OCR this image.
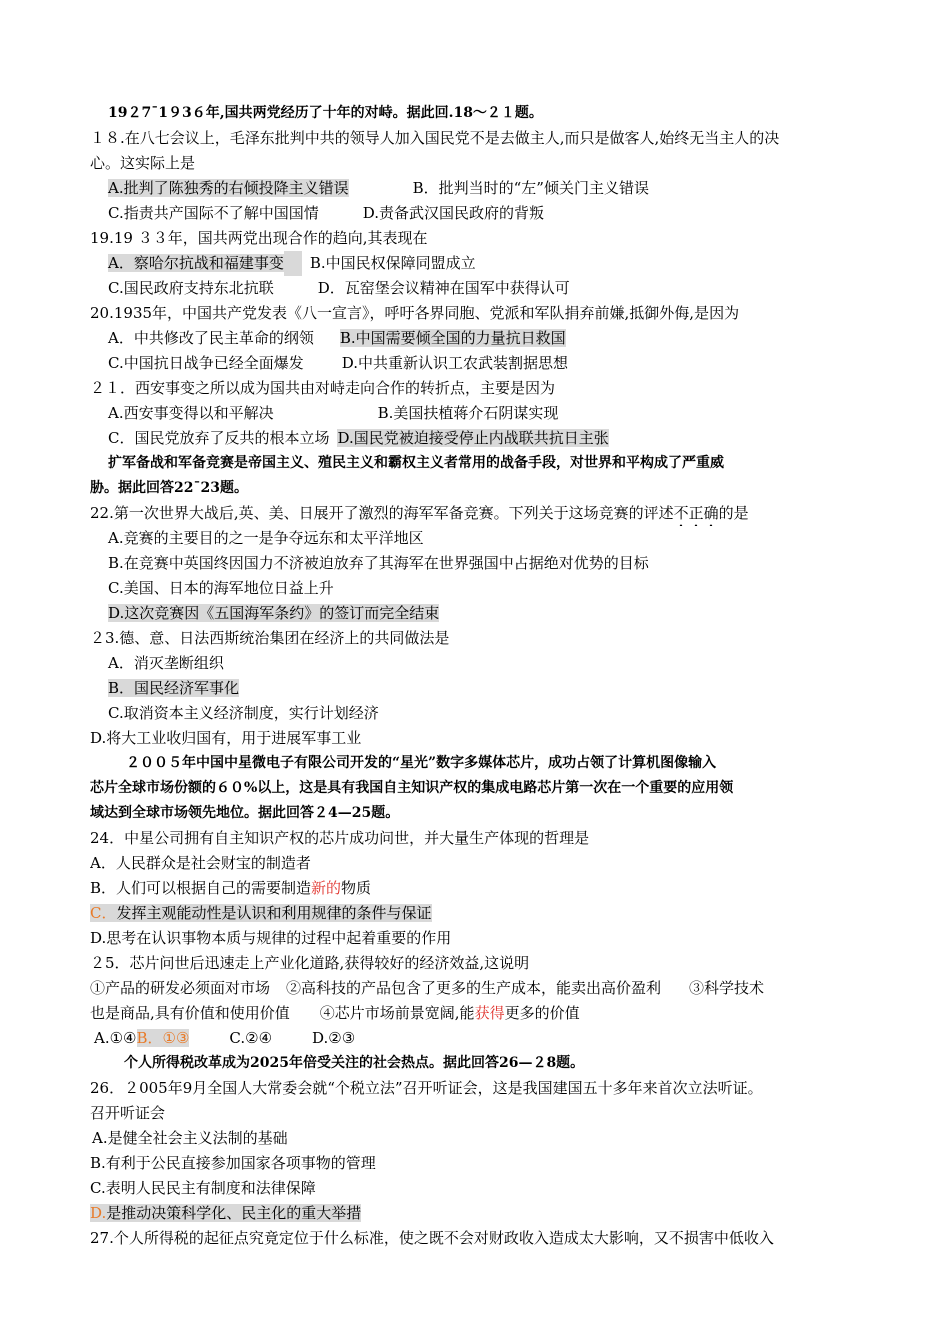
19２7¯1９3６年,国共两党经历了十年的对峙。据此回.18～２１题。
１８.在八七会议上，毛泽东批判中共的领导人加入国民党不是去做主人,而只是做客人,始终无当主人的决
心。这实际上是
A.批判了陈独秀的右倾投降主义错误	B．批判当时的“左”倾关门主义错误
C.指责共产国际不了解中国国情	D.责备武汉国民政府的背叛
19.19 ３３年，国共两党出现合作的趋向,其表现在
A．察哈尔抗战和福建事变 B.中国民权保障同盟成立
C.国民政府支持东北抗联	D．瓦窑堡会议精神在国军中获得认可
20.1935年，中国共产党发表《八一宣言》，呼吁各界同胞、党派和军队捐弃前嫌,抵御外侮,是因为
A．中共修改了民主革命的纲领 B.中国需要倾全国的力量抗日救国
C.中国抗日战争已经全面爆发	D.中共重新认识工农武装割据思想
２１．西安事变之所以成为国共由对峙走向合作的转折点，主要是因为
A.西安事变得以和平解决	B.美国扶植蒋介石阴谋实现
C．国民党放弃了反共的根本立场 D.国民党被迫接受停止内战联共抗日主张
扩军备战和军备竞赛是帝国主义、殖民主义和霸权主义者常用的战备手段，对世界和平构成了严重威
胁。据此回答22¯23题。
22.第一次世界大战后,英、美、日展开了激烈的海军军备竞赛。下列关于这场竞赛的评述不正确的是
A.竞赛的主要目的之一是争夺远东和太平洋地区
B.在竞赛中英国终因国力不济被迫放弃了其海军在世界强国中占据绝对优势的目标
C.美国、日本的海军地位日益上升
D.这次竞赛因《五国海军条约》的签订而完全结束
２3.德、意、日法西斯统治集团在经济上的共同做法是
A．消灭垄断组织
B．国民经济军事化
C.取消资本主义经济制度，实行计划经济
D.将大工业收归国有，用于进展军事工业
２００５年中国中星微电子有限公司开发的“星光”数字多媒体芯片，成功占领了计算机图像输入
芯片全球市场份额的６０%以上，这是具有我国自主知识产权的集成电路芯片第一次在一个重要的应用领
域达到全球市场领先地位。据此回答２4—25题。
24．中星公司拥有自主知识产权的芯片成功问世，并大量生产体现的哲理是
A．人民群众是社会财宝的制造者
B．人们可以根据自己的需要制造新的物质
C．发挥主观能动性是认识和利用规律的条件与保证
D.思考在认识事物本质与规律的过程中起着重要的作用
２5．芯片问世后迅速走上产业化道路,获得较好的经济效益,这说明
①产品的研发必须面对市场 ②高科技的产品包含了更多的生产成本，能卖出高价盈利 ③科学技术
也是商品,具有价值和使用价值 ④芯片市场前景宽阔,能获得更多的价值
A.①④B．①③	C.②④	D.②③
个人所得税改革成为2025年倍受关注的社会热点。据此回答26—２8题。
26．２005年9月全国人大常委会就“个税立法”召开听证会，这是我国建国五十多年来首次立法听证。
召开听证会
A.是健全社会主义法制的基础
B.有利于公民直接参加国家各项事物的管理
C.表明人民民主有制度和法律保障
D.是推动决策科学化、民主化的重大举措
27.个人所得税的起征点究竟定位于什么标准，使之既不会对财政收入造成太大影响，又不损害中低收入
